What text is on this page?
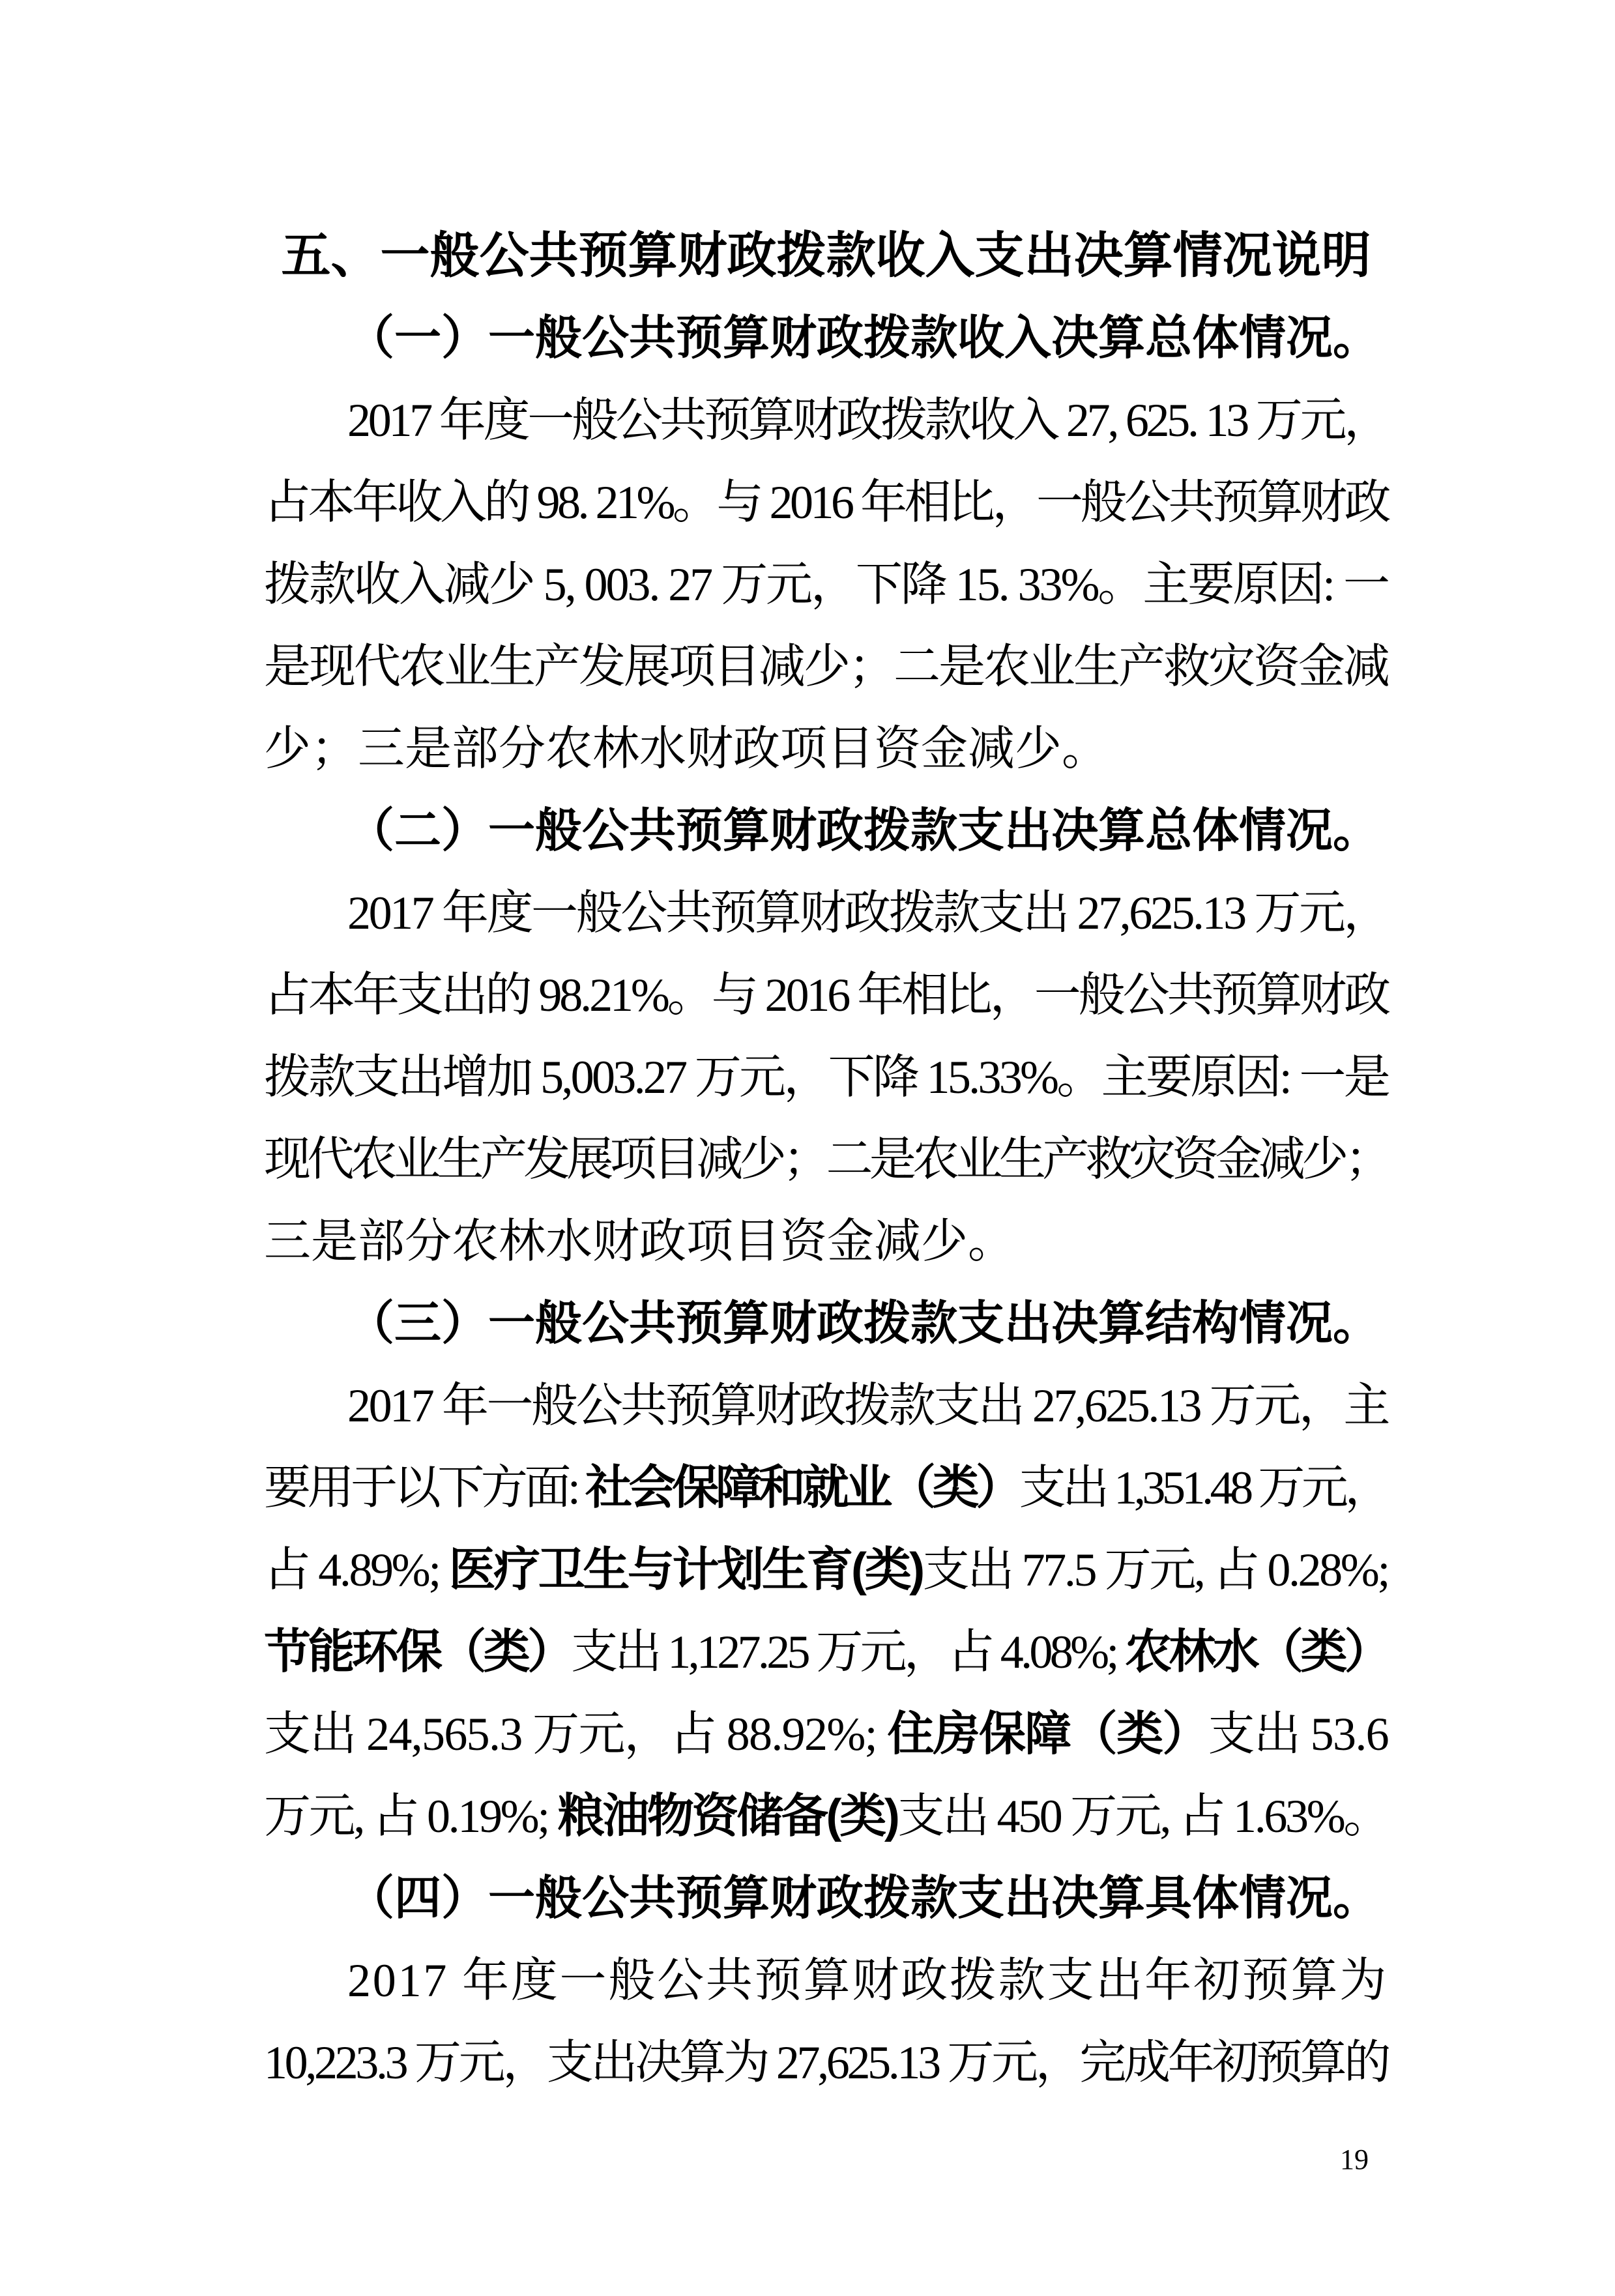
五、一般公共预算财政拨款收入支出决算情况说明
（一）一般公共预算财政拨款收入决算总体情况。
2017 年度一般公共预算财政拨款收入 27, 625. 13 万元，
占本年收入的 98. 21%。与 2016 年相比，一般公共预算财政
拨款收入减少 5, 003. 27 万元，下降 15. 33%。主要原因: 一
是现代农业生产发展项目减少；二是农业生产救灾资金减
少；三是部分农林水财政项目资金减少。
（二）一般公共预算财政拨款支出决算总体情况。
2017 年度一般公共预算财政拨款支出 27,625.13 万元，
占本年支出的 98.21%。与 2016 年相比，一般公共预算财政
拨款支出增加 5,003.27 万元，下降 15.33%。主要原因: 一是
现代农业生产发展项目减少；二是农业生产救灾资金减少；
三是部分农林水财政项目资金减少。
（三）一般公共预算财政拨款支出决算结构情况。
2017 年一般公共预算财政拨款支出 27,625.13 万元，主
要用于以下方面: 社会保障和就业（类）支出 1,351.48 万元，
占 4.89%; 医疗卫生与计划生育(类)支出 77.5 万元, 占 0.28%;
节能环保（类）支出 1,127.25 万元，占 4.08%; 农林水（类）
支出 24,565.3 万元，占 88.92%; 住房保障（类）支出 53.6
万元, 占 0.19%; 粮油物资储备(类)支出 450 万元, 占 1.63%。
（四）一般公共预算财政拨款支出决算具体情况。
2017 年度一般公共预算财政拨款支出年初预算为
10,223.3 万元，支出决算为 27,625.13 万元，完成年初预算的
19
